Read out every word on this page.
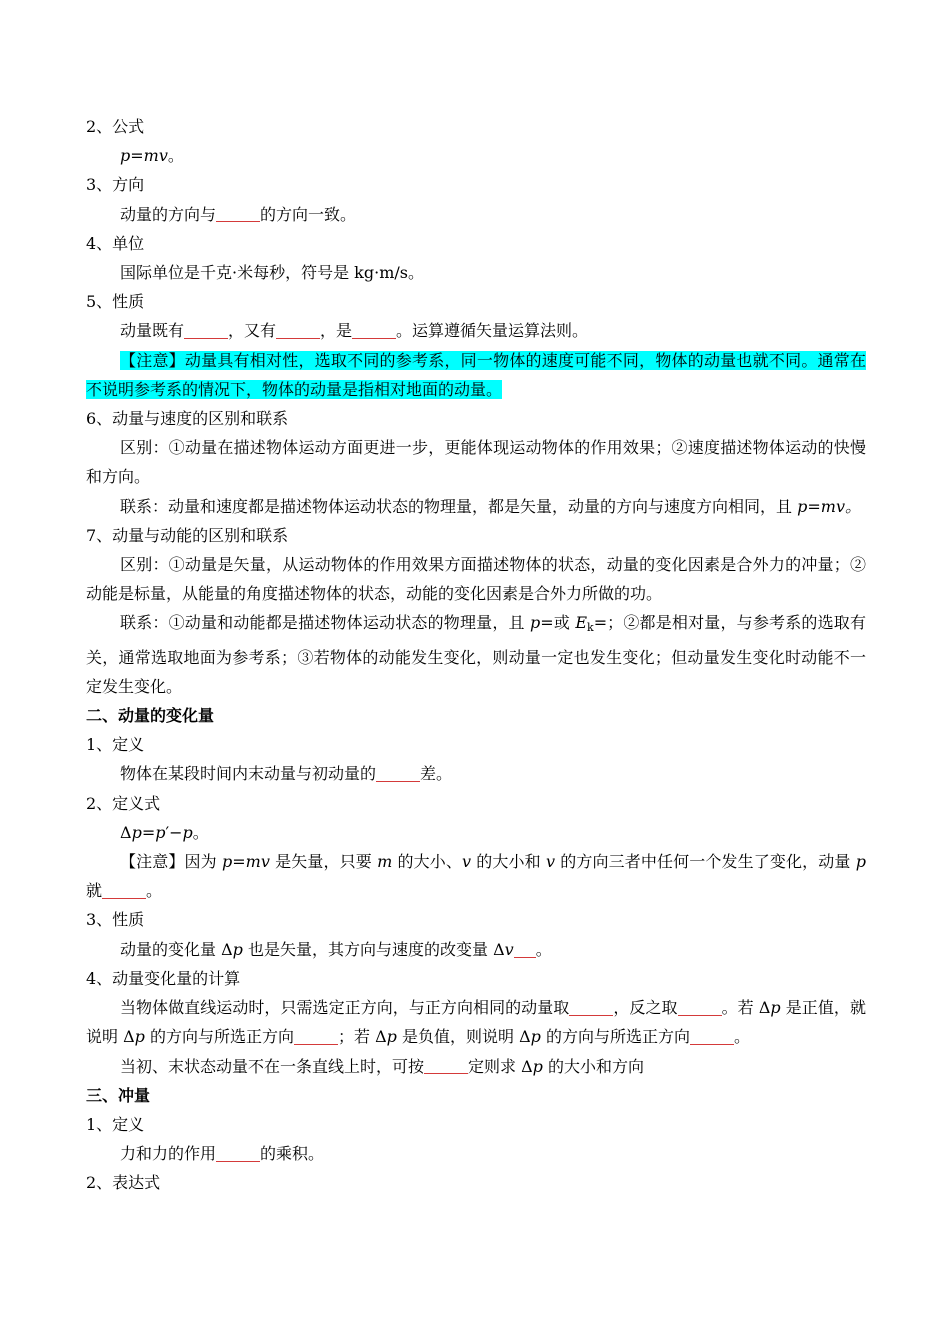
2、公式

p=mv。

3、方向

动量的方向与	的方向一致。

4、单位

国际单位是千克·米每秒，符号是 kg·m/s。

5、性质

动量既有	，又有	，是	。运算遵循矢量运算法则。

【注意】动量具有相对性，选取不同的参考系，同一物体的速度可能不同，物体的动量也就不同。通常在不说明参考系的情况下，物体的动量是指相对地面的动量。

6、动量与速度的区别和联系

区别：①动量在描述物体运动方面更进一步，更能体现运动物体的作用效果；②速度描述物体运动的快慢和方向。

联系：动量和速度都是描述物体运动状态的物理量，都是矢量，动量的方向与速度方向相同，且 p=mv。

7、动量与动能的区别和联系

区别：①动量是矢量，从运动物体的作用效果方面描述物体的状态，动量的变化因素是合外力的冲量；②动能是标量，从能量的角度描述物体的状态，动能的变化因素是合外力所做的功。

联系：①动量和动能都是描述物体运动状态的物理量，且 p=或 $E_k=$；②都是相对量，与参考系的选取有关，通常选取地面为参考系；③若物体的动能发生变化，则动量一定也发生变化；但动量发生变化时动能不一定发生变化。

二、动量的变化量

1、定义

物体在某段时间内末动量与初动量的	差。

2、定义式

Δp=p′−p。

【注意】因为 p=mv 是矢量，只要 m 的大小、v 的大小和 v 的方向三者中任何一个发生了变化，动量 p 就	。

3、性质

动量的变化量 Δp 也是矢量，其方向与速度的改变量 Δv 。

4、动量变化量的计算

当物体做直线运动时，只需选定正方向，与正方向相同的动量取	，反之取	。若 Δp 是正值，就说明 Δp 的方向与所选正方向	；若 Δp 是负值，则说明 Δp 的方向与所选正方向	。

当初、末状态动量不在一条直线上时，可按	定则求 Δp 的大小和方向

三、冲量

1、定义

力和力的作用	的乘积。

2、表达式
